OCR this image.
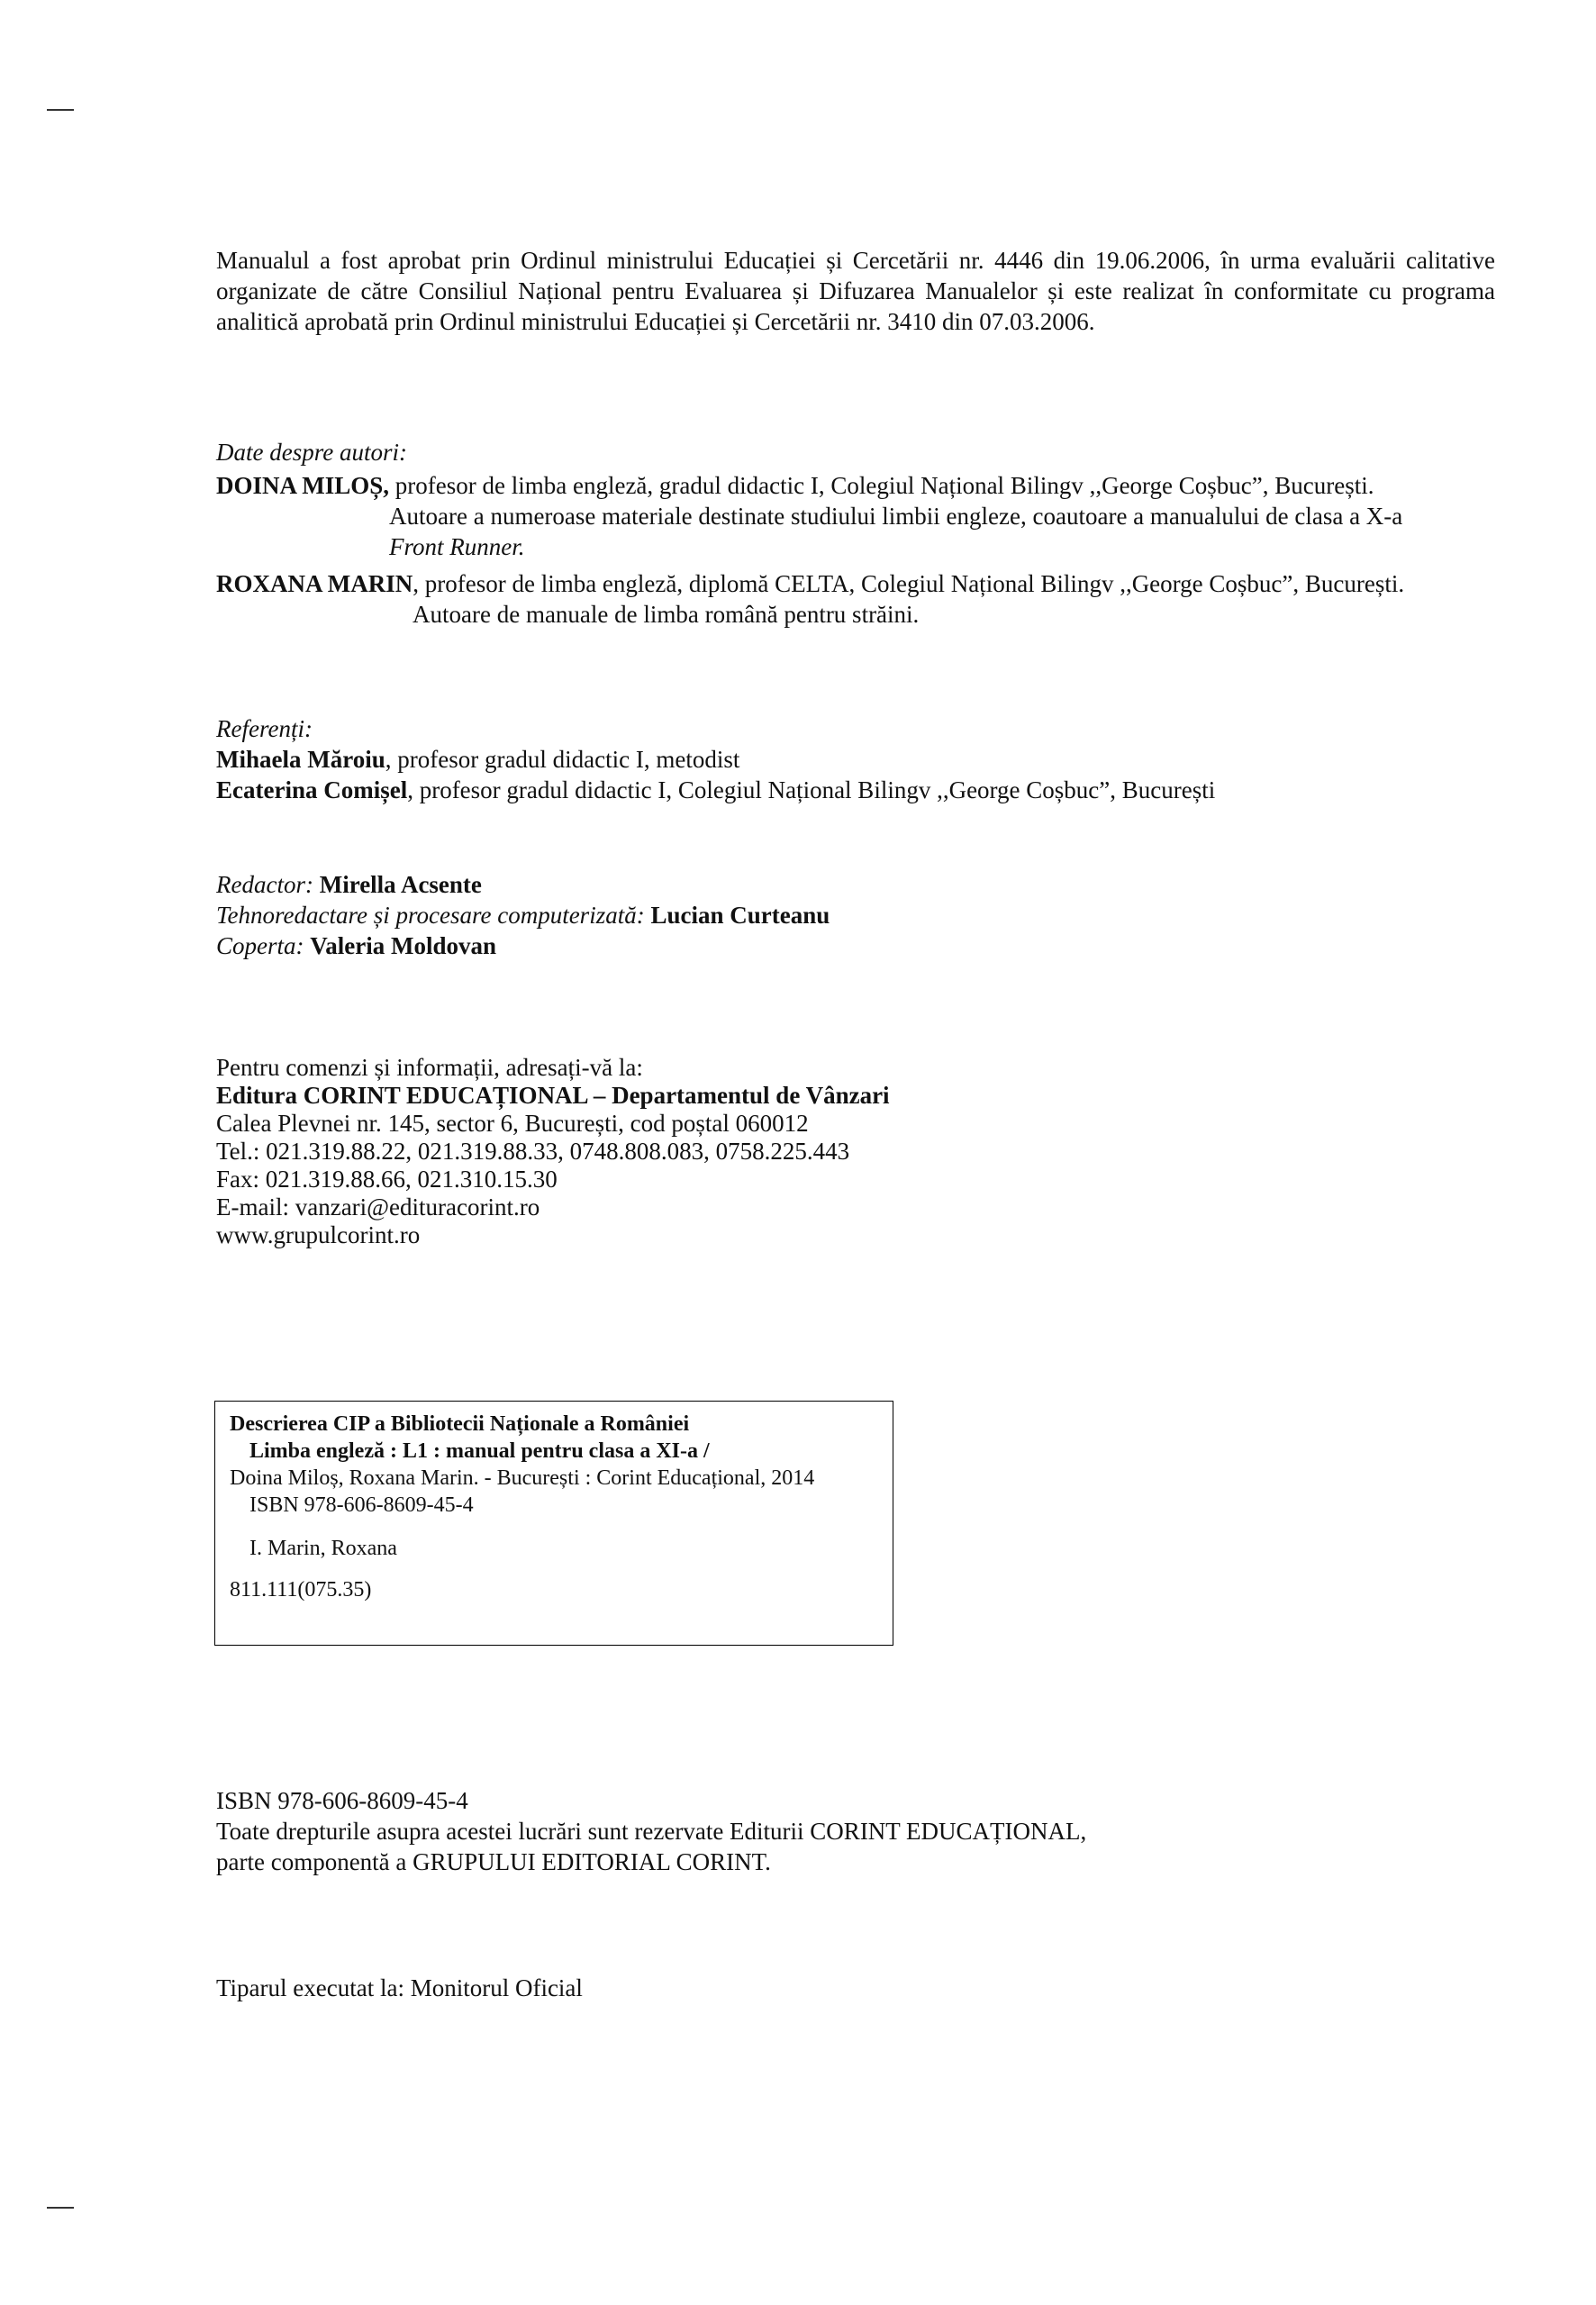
Manualul a fost aprobat prin Ordinul ministrului Educației și Cercetării nr. 4446 din 19.06.2006, în urma evaluării calitative organizate de către Consiliul Național pentru Evaluarea și Difuzarea Manualelor și este realizat în conformitate cu programa analitică aprobată prin Ordinul ministrului Educației și Cercetării nr. 3410 din 07.03.2006.

Date despre autori:
DOINA MILOȘ, profesor de limba engleză, gradul didactic I, Colegiul Național Bilingv ,,George Coșbuc”, București.
Autoare a numeroase materiale destinate studiului limbii engleze, coautoare a manualului de clasa a X-a
Front Runner.
ROXANA MARIN, profesor de limba engleză, diplomă CELTA, Colegiul Național Bilingv ,,George Coșbuc”, București.
Autoare de manuale de limba română pentru străini.
Referenți:
Mihaela Măroiu, profesor gradul didactic I, metodist
Ecaterina Comișel, profesor gradul didactic I, Colegiul Național Bilingv ,,George Coșbuc”, București
Redactor: Mirella Acsente
Tehnoredactare și procesare computerizată: Lucian Curteanu
Coperta: Valeria Moldovan
Pentru comenzi și informații, adresați-vă la:
Editura CORINT EDUCAȚIONAL – Departamentul de Vânzari
Calea Plevnei nr. 145, sector 6, București, cod poștal 060012
Tel.: 021.319.88.22, 021.319.88.33, 0748.808.083, 0758.225.443
Fax: 021.319.88.66, 021.310.15.30
E-mail: vanzari@edituracorint.ro
www.grupulcorint.ro
Descrierea CIP a Bibliotecii Naționale a României
Limba engleză : L1 : manual pentru clasa a XI-a /
Doina Miloș, Roxana Marin. - București : Corint Educațional, 2014
ISBN 978-606-8609-45-4
I. Marin, Roxana
811.111(075.35)
ISBN 978-606-8609-45-4
Toate drepturile asupra acestei lucrări sunt rezervate Editurii CORINT EDUCAȚIONAL,
parte componentă a GRUPULUI EDITORIAL CORINT.
Tiparul executat la: Monitorul Oficial
